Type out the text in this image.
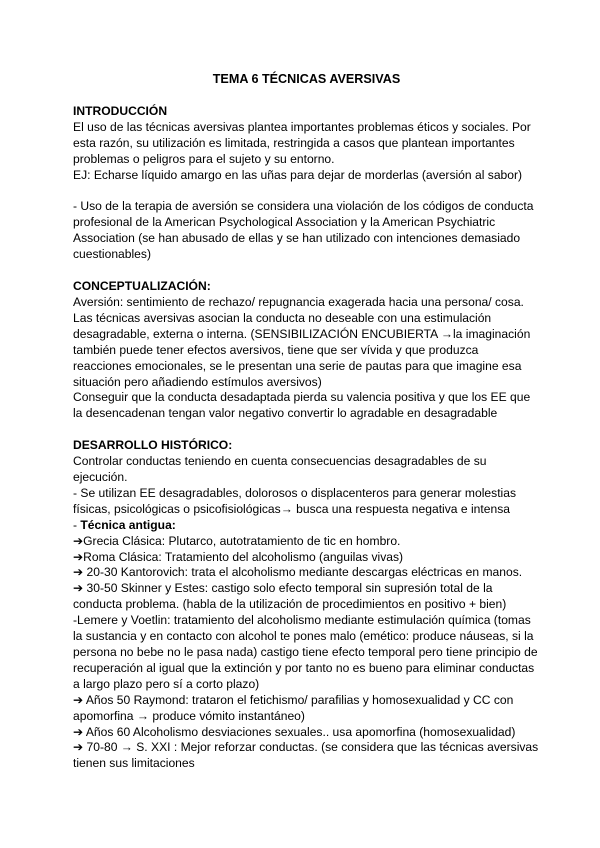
TEMA 6 TÉCNICAS AVERSIVAS
INTRODUCCIÓN

El uso de las técnicas aversivas plantea importantes problemas éticos y sociales. Por esta razón, su utilización es limitada, restringida a casos que plantean importantes problemas o peligros para el sujeto y su entorno.

EJ: Echarse líquido amargo en las uñas para dejar de morderlas (aversión al sabor)

- Uso de la terapia de aversión se considera una violación de los códigos de conducta profesional de la American Psychological Association y la American Psychiatric Association (se han abusado de ellas y se han utilizado con intenciones demasiado cuestionables)

CONCEPTUALIZACIÓN:

Aversión: sentimiento de rechazo/ repugnancia exagerada hacia una persona/ cosa.

Las técnicas aversivas asocian la conducta no deseable con una estimulación desagradable, externa o interna. (SENSIBILIZACIÓN ENCUBIERTA →la imaginación también puede tener efectos aversivos, tiene que ser vívida y que produzca reacciones emocionales, se le presentan una serie de pautas para que imagine esa situación pero añadiendo estímulos aversivos)

Conseguir que la conducta desadaptada pierda su valencia positiva y que los EE que la desencadenan tengan valor negativo convertir lo agradable en desagradable

DESARROLLO HISTÓRICO:

Controlar conductas teniendo en cuenta consecuencias desagradables de su ejecución.

- Se utilizan EE desagradables, dolorosos o displacenteros para generar molestias físicas, psicológicas o psicofisiológicas→ busca una respuesta negativa e intensa

- Técnica antigua:

➔Grecia Clásica: Plutarco, autotratamiento de tic en hombro.

➔Roma Clásica: Tratamiento del alcoholismo (anguilas vivas)

➔ 20-30 Kantorovich: trata el alcoholismo mediante descargas eléctricas en manos.

➔ 30-50 Skinner y Estes: castigo solo efecto temporal sin supresión total de la conducta problema. (habla de la utilización de procedimientos en positivo + bien)

-Lemere y Voetlin: tratamiento del alcoholismo mediante estimulación química (tomas la sustancia y en contacto con alcohol te pones malo (emético: produce náuseas, si la persona no bebe no le pasa nada) castigo tiene efecto temporal pero tiene principio de recuperación al igual que la extinción y por tanto no es bueno para eliminar conductas a largo plazo pero sí a corto plazo)

➔ Años 50 Raymond: trataron el fetichismo/ parafilias y homosexualidad y CC con apomorfina → produce vómito instantáneo)

➔ Años 60 Alcoholismo desviaciones sexuales.. usa apomorfina (homosexualidad)

➔ 70-80 → S. XXI : Mejor reforzar conductas. (se considera que las técnicas aversivas tienen sus limitaciones
